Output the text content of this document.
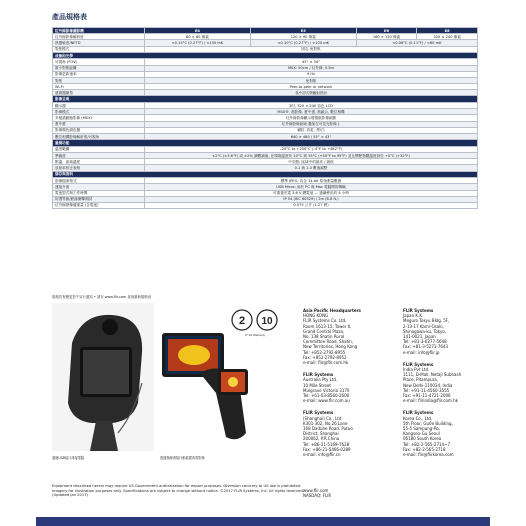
產品規格表
紅外線影像攝影機	E4	E5	E6	E8
紅外線影像解析度	80 × 60 像素	120 × 90 像素	160 × 120 像素	320 × 240 像素
熱靈敏度/NETD	<0.15°C (0.27°F) / <150 mK	<0.10°C (0.27°F) / <100 mK	<0.06°C (0.11°F) / <60 mK	
對焦模式	固定-免對焦			
成像和光學				
可視角 (FOV)	45° × 34°			
最小對焦距離	MSX: 50cm / 紅外線: 0.5m			
影像更新速率	9 Hz			
對焦	免對焦			
Wi-Fi	Peer-to-peer or network			
感測器類型	非冷卻式微輻射熱計			
影像呈現				
顯示器	3吋, 320 × 240 彩色 LCD			
影像模式	MSX®, 熱影像, 畫中畫, 熱融合, 數位相機			
多頻譜動態影像 (MSX)	紅外線影像顯示增強版影像細節			
畫中畫	紅外線影像區域 疊加在可見光影像上			
影像顏色調色盤	鐵虹, 彩虹, 黑/白			
數位相機影像解析度/可視角	640 × 480 / 55° × 43°			
量測功能				
溫度範圍	–20°C to +250°C (–4°F to +482°F)			
準確度	±2°C (±3.6°F) 或 ±2% 讀數讀值, 在環境溫度於 10°C 到 35°C (+50°F to 95°F) 並且標靶物體溫度高於 +0°C (+32°F)			
點溫、區域溫度	中央點; 區域中的最高 / 最低			
放射率校正表格	0.1 到 1.0 數值調整			
儲存與資料				
影像檔案格式	標準 JPEG, 內含 14-bit 原始測量數據			
連接介面	USB Micro: 用於 PC 與 Mac 電腦間的傳輸			
電池型式與工作時間	可重複充電 3.6 V 鋰電池 — 連續使用約 4 小時			
防護等級/跌落衝擊測試	IP 54 (IEC 60529) / 2m (6.6 ft.)			
紅外線熱像儀重量 (含電池)	0.575 公斤 (1.27 磅)			
規格若有變更恕不另行通知 • 請至 www.flir.com 查詢最新規格表
通過USB接口連接電腦	透過無線連接行動裝置查看影像
2 10
2*-10 Warranty
Asia Pacific Headquarters
HONG KONG
FLIR Systems Co. Ltd.
Room 1613-15, Tower II,
Grand Central Plaza,
No. 138 Shatin Rural
Committee Road, Shatin,
New Territories, Hong Kong
Tel: +852-2792-8955
Fax: +852-2792-8952
e-mail: flir@flir.com.hk
FLIR Systems
Australia Pty Ltd.
10 Mile Street
Mulgrave Victoria 3170
Tel: +61-03-8560-2600
e-mail: www.flir.com.au
FLIR Systems
(Shanghai) Co., Ltd.
K301-302, No.26 Lane
168 Daduhe Road, Putuo
District, Shanghai
200062, P.R.China
Tel: +86-21-5169-7628
Fax: +86-21-5466-0289
e-mail: info@flir.cn
FLIR Systems
Japan K.K.
Meguro Tokyu Bldg. 5F,
2-13-17 Kami-Osaki,
Shinagawa-ku, Tokyo,
141-0021, Japan
Tel: +81-3-6277-5648
Fax: +81-3-5271-7643
e-mail: info@flir.jp
FLIR Systems
India Pvt Ltd.
1111, D-Mall, Netaji Subhash
Place, Pitampura,
New Delhi-110034, India
Tel: +91-11-4560-3555
Fax: +91-11-4721-2006
e-mail: flirindia@flir.com.hk
FLIR Systems
Korea Co., Ltd.
5th Floor, Gu0e Building,
55-5 Sampung-Ro,
Kangseo-Gu Seoul
06180 South Korea
Tel: +82-2-565-2714~7
Fax: +82-2-565-2718
e-mail: flir@flirkorea.com
Equipment described herein may require US Government authorization for export purposes. Diversion contrary to US law is prohibited. Imagery for illustration purposes only. Specifications are subject to change without notice. ©2017 FLIR Systems, Inc. All rights reserved. (Updated Jan 2017)
www.flir.com
NASDAQ: FLIR
